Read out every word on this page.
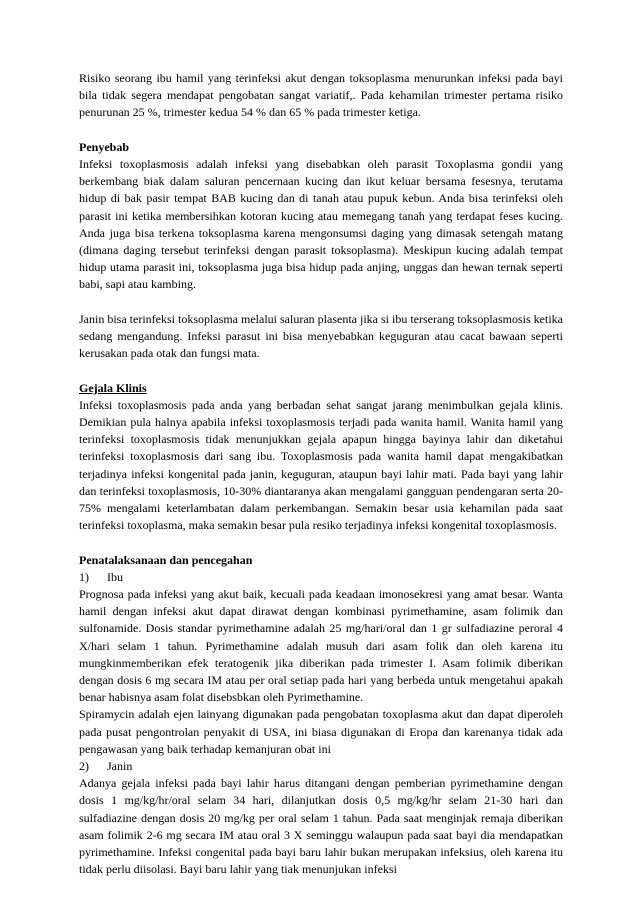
Risiko seorang ibu hamil yang terinfeksi akut dengan toksoplasma menurunkan infeksi pada bayi bila tidak segera mendapat pengobatan sangat variatif,. Pada kehamilan trimester pertama risiko penurunan 25 %, trimester kedua 54 % dan 65 % pada trimester ketiga.

Penyebab

Infeksi toxoplasmosis adalah infeksi yang disebabkan oleh parasit Toxoplasma gondii yang berkembang biak dalam saluran pencernaan kucing dan ikut keluar bersama fesesnya, terutama hidup di bak pasir tempat BAB kucing dan di tanah atau pupuk kebun. Anda bisa terinfeksi oleh parasit ini ketika membersihkan kotoran kucing atau memegang tanah yang terdapat feses kucing. Anda juga bisa terkena toksoplasma karena mengonsumsi daging yang dimasak setengah matang (dimana daging tersebut terinfeksi dengan parasit toksoplasma). Meskipun kucing adalah tempat hidup utama parasit ini, toksoplasma juga bisa hidup pada anjing, unggas dan hewan ternak seperti babi, sapi atau kambing.

Janin bisa terinfeksi toksoplasma melalui saluran plasenta jika si ibu terserang toksoplasmosis ketika sedang mengandung. Infeksi parasut ini bisa menyebabkan keguguran atau cacat bawaan seperti kerusakan pada otak dan fungsi mata.

Gejala Klinis

Infeksi toxoplasmosis pada anda yang berbadan sehat sangat jarang menimbulkan gejala klinis. Demikian pula halnya apabila infeksi toxoplasmosis terjadi pada wanita hamil. Wanita hamil yang terinfeksi toxoplasmosis tidak menunjukkan gejala apapun hingga bayinya lahir dan diketahui terinfeksi toxoplasmosis dari sang ibu. Toxoplasmosis pada wanita hamil dapat mengakibatkan terjadinya infeksi kongenital pada janin, keguguran, ataupun bayi lahir mati. Pada bayi yang lahir dan terinfeksi toxoplasmosis, 10-30% diantaranya akan mengalami gangguan pendengaran serta 20-75% mengalami keterlambatan dalam perkembangan. Semakin besar usia kehamilan pada saat terinfeksi toxoplasma, maka semakin besar pula resiko terjadinya infeksi kongenital toxoplasmosis.

Penatalaksanaan dan pencegahan

1)	Ibu

Prognosa pada infeksi yang akut baik, kecuali pada keadaan imonosekresi yang amat besar. Wanta hamil dengan infeksi akut dapat dirawat dengan kombinasi pyrimethamine, asam folimik dan sulfonamide. Dosis standar pyrimethamine adalah 25 mg/hari/oral dan 1 gr sulfadiazine peroral 4 X/hari selam 1 tahun. Pyrimethamine adalah musuh dari asam folik dan oleh karena itu mungkinmemberikan efek teratogenik jika diberikan pada trimester I. Asam folimik diberikan dengan dosis 6 mg secara IM atau per oral setiap pada hari yang berbeda untuk mengetahui apakah benar habisnya asam folat disebsbkan oleh Pyrimethamine.

Spiramycin adalah ejen lainyang digunakan pada pengobatan toxoplasma akut dan dapat diperoleh pada pusat pengontrolan penyakit di USA, ini biasa digunakan di Eropa dan karenanya tidak ada pengawasan yang baik terhadap kemanjuran obat ini

2)	Janin

Adanya gejala infeksi pada bayi lahir harus ditangani dengan pemberian pyrimethamine dengan dosis 1 mg/kg/hr/oral selam 34 hari, dilanjutkan dosis 0,5 mg/kg/hr selam 21-30 hari dan sulfadiazine dengan dosis 20 mg/kg per oral selam 1 tahun. Pada saat menginjak remaja diberikan asam folimik 2-6 mg secara IM atau oral 3 X seminggu walaupun pada saat bayi dia mendapatkan pyrimethamine. Infeksi congenital pada bayi baru lahir bukan merupakan infeksius, oleh karena itu tidak perlu diisolasi. Bayi baru lahir yang tiak menunjukan infeksi
